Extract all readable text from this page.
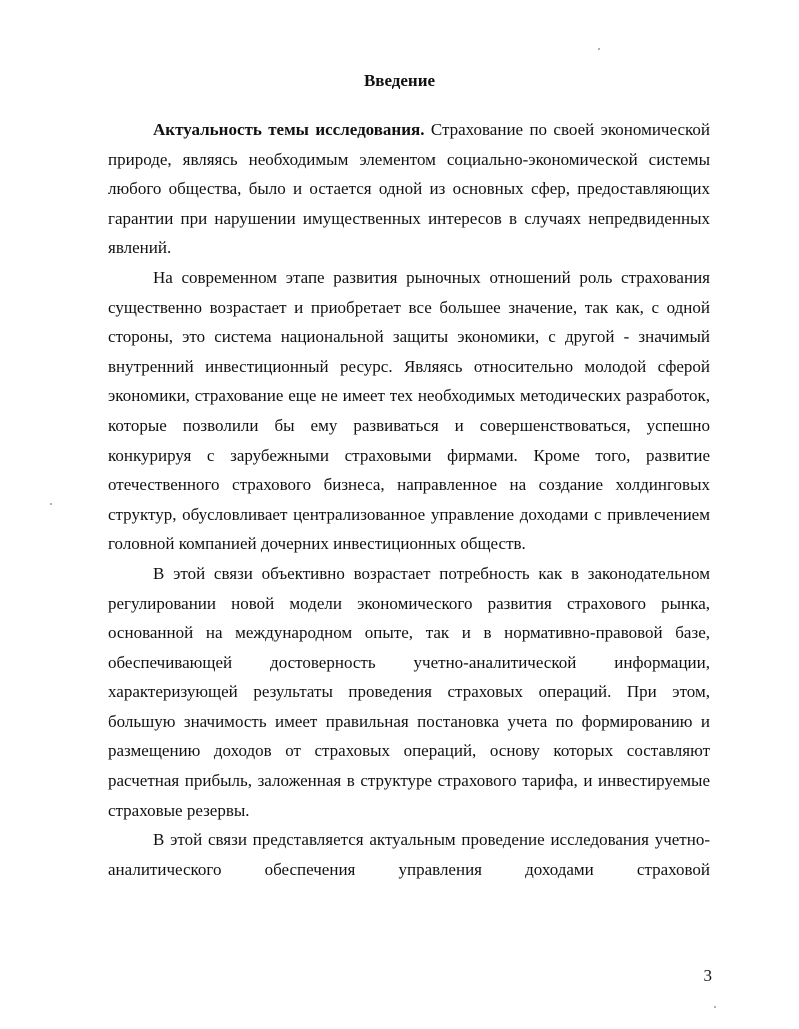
Введение

Актуальность темы исследования. Страхование по своей экономической природе, являясь необходимым элементом социально-экономической системы любого общества, было и остается одной из основных сфер, предоставляющих гарантии при нарушении имущественных интересов в случаях непредвиденных явлений.

На современном этапе развития рыночных отношений роль страхования существенно возрастает и приобретает все большее значение, так как, с одной стороны, это система национальной защиты экономики, с другой - значимый внутренний инвестиционный ресурс. Являясь относительно молодой сферой экономики, страхование еще не имеет тех необходимых методических разработок, которые позволили бы ему развиваться и совершенствоваться, успешно конкурируя с зарубежными страховыми фирмами. Кроме того, развитие отечественного страхового бизнеса, направленное на создание холдинговых структур, обусловливает централизованное управление доходами с привлечением головной компанией дочерних инвестиционных обществ.

В этой связи объективно возрастает потребность как в законодательном регулировании новой модели экономического развития страхового рынка, основанной на международном опыте, так и в нормативно-правовой базе, обеспечивающей достоверность учетно-аналитической информации, характеризующей результаты проведения страховых операций. При этом, большую значимость имеет правильная постановка учета по формированию и размещению доходов от страховых операций, основу которых составляют расчетная прибыль, заложенная в структуре страхового тарифа, и инвестируемые страховые резервы.

В этой связи представляется актуальным проведение исследования учетно-аналитического обеспечения управления доходами страховой

3
